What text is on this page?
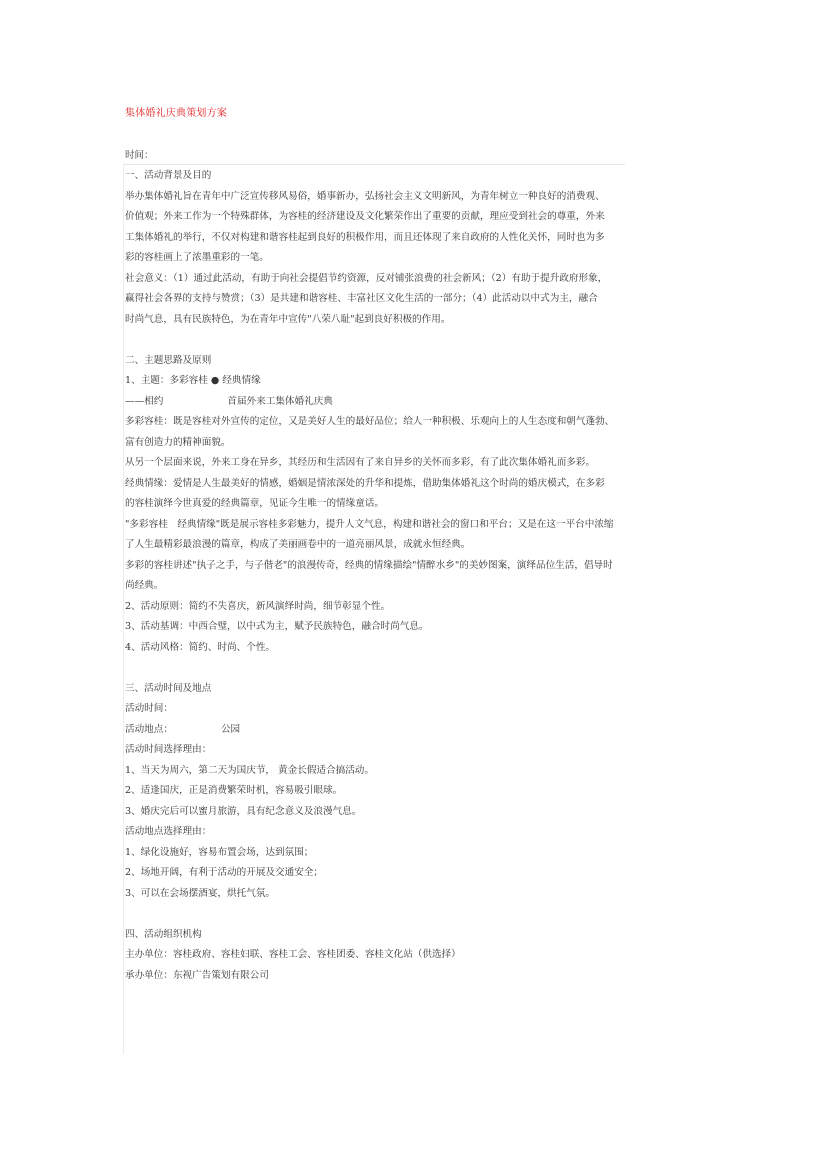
集体婚礼庆典策划方案
时间：

一、活动背景及目的

举办集体婚礼旨在青年中广泛宣传移风易俗，婚事新办，弘扬社会主义文明新风，为青年树立一种良好的消费观、

价值观；外来工作为一个特殊群体，为容桂的经济建设及文化繁荣作出了重要的贡献，理应受到社会的尊重，外来

工集体婚礼的举行，不仅对构建和谐容桂起到良好的积极作用，而且还体现了来自政府的人性化关怀，同时也为多

彩的容桂画上了浓墨重彩的一笔。

社会意义：（1）通过此活动，有助于向社会提倡节约资源，反对铺张浪费的社会新风；（2）有助于提升政府形象，

赢得社会各界的支持与赞赏；（3）是共建和谐容桂、丰富社区文化生活的一部分；（4）此活动以中式为主，融合

时尚气息，具有民族特色，为在青年中宣传"八荣八耻"起到良好积极的作用。

二、主题思路及原则

1、主题：多彩容桂 ● 经典情缘

——相约	首届外来工集体婚礼庆典

多彩容桂：既是容桂对外宣传的定位，又是美好人生的最好品位；给人一种积极、乐观向上的人生态度和朝气蓬勃、

富有创造力的精神面貌。

从另一个层面来说，外来工身在异乡，其经历和生活因有了来自异乡的关怀而多彩，有了此次集体婚礼而多彩。

经典情缘：爱情是人生最美好的情感，婚姻是情浓深处的升华和提炼，借助集体婚礼这个时尚的婚庆模式，在多彩

的容桂演绎今世真爱的经典篇章，见证今生唯一的情缘童话。

"多彩容桂　经典情缘"既是展示容桂多彩魅力，提升人文气息，构建和谐社会的窗口和平台；又是在这一平台中浓缩

了人生最精彩最浪漫的篇章，构成了美丽画卷中的一道亮丽风景，成就永恒经典。

多彩的容桂讲述"执子之手，与子偕老"的浪漫传奇，经典的情缘描绘"情醉水乡"的美妙图案，演绎品位生活，倡导时

尚经典。

2、活动原则：简约不失喜庆，新风演绎时尚，细节彰显个性。

3、活动基调：中西合璧，以中式为主，赋予民族特色，融合时尚气息。

4、活动风格：简约、时尚、个性。

三、活动时间及地点

活动时间：

活动地点：	公园

活动时间选择理由：

1、当天为周六，第二天为国庆节， 黄金长假适合搞活动。

2、适逢国庆，正是消费繁荣时机，容易吸引眼球。

3、婚庆完后可以蜜月旅游，具有纪念意义及浪漫气息。

活动地点选择理由：

1、绿化设施好，容易布置会场，达到氛围；

2、场地开阔，有利于活动的开展及交通安全；

3、可以在会场摆酒宴，烘托气氛。

四、活动组织机构

主办单位：容桂政府、容桂妇联、容桂工会、容桂团委、容桂文化站（供选择）

承办单位：东视广告策划有限公司
